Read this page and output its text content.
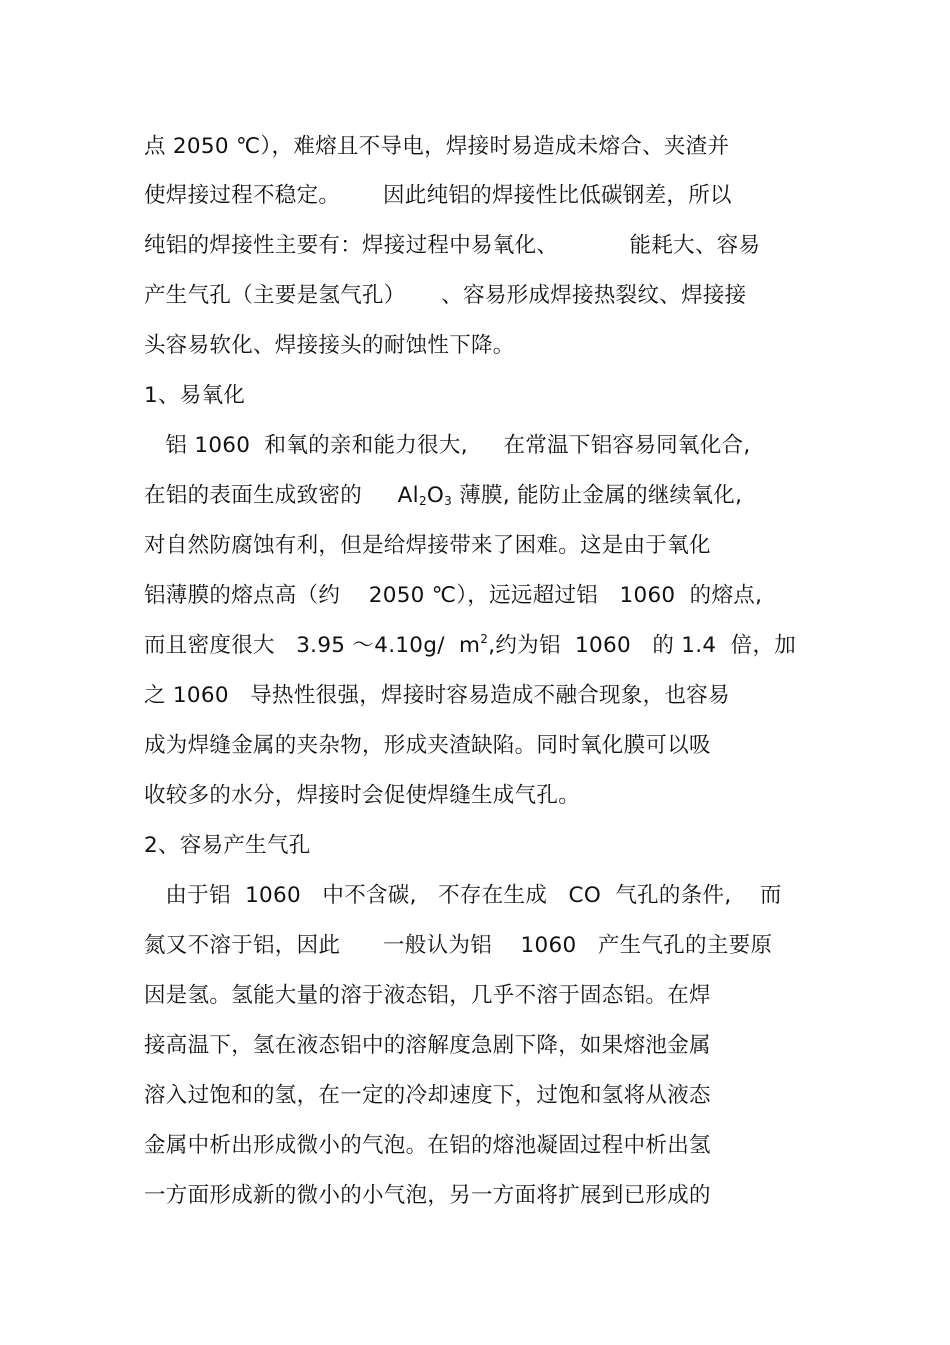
点 2050 ℃），难熔且不导电，焊接时易造成未熔合、夹渣并
使焊接过程不稳定。      因此纯铝的焊接性比低碳钢差，所以
纯铝的焊接性主要有：焊接过程中易氧化、          能耗大、容易
产生气孔（主要是氢气孔）     、容易形成焊接热裂纹、焊接接
头容易软化、焊接接头的耐蚀性下降。
1、易氧化
铝 1060  和氧的亲和能力很大,     在常温下铝容易同氧化合,
在铝的表面生成致密的     $Al_2O_3$ 薄膜, 能防止金属的继续氧化,
对自然防腐蚀有利，但是给焊接带来了困难。这是由于氧化
铝薄膜的熔点高（约    2050 ℃），远远超过铝   1060  的熔点,
而且密度很大   3.95 ～4.10g/  $m^2$,约为铝  1060   的 1.4  倍，加
之 1060   导热性很强，焊接时容易造成不融合现象，也容易
成为焊缝金属的夹杂物，形成夹渣缺陷。同时氧化膜可以吸
收较多的水分，焊接时会促使焊缝生成气孔。
2、容易产生气孔
由于铝  1060   中不含碳,   不存在生成   CO  气孔的条件,    而
氮又不溶于铝，因此      一般认为铝    1060   产生气孔的主要原
因是氢。氢能大量的溶于液态铝，几乎不溶于固态铝。在焊
接高温下，氢在液态铝中的溶解度急剧下降，如果熔池金属
溶入过饱和的氢，在一定的冷却速度下，过饱和氢将从液态
金属中析出形成微小的气泡。在铝的熔池凝固过程中析出氢
一方面形成新的微小的小气泡，另一方面将扩展到已形成的
